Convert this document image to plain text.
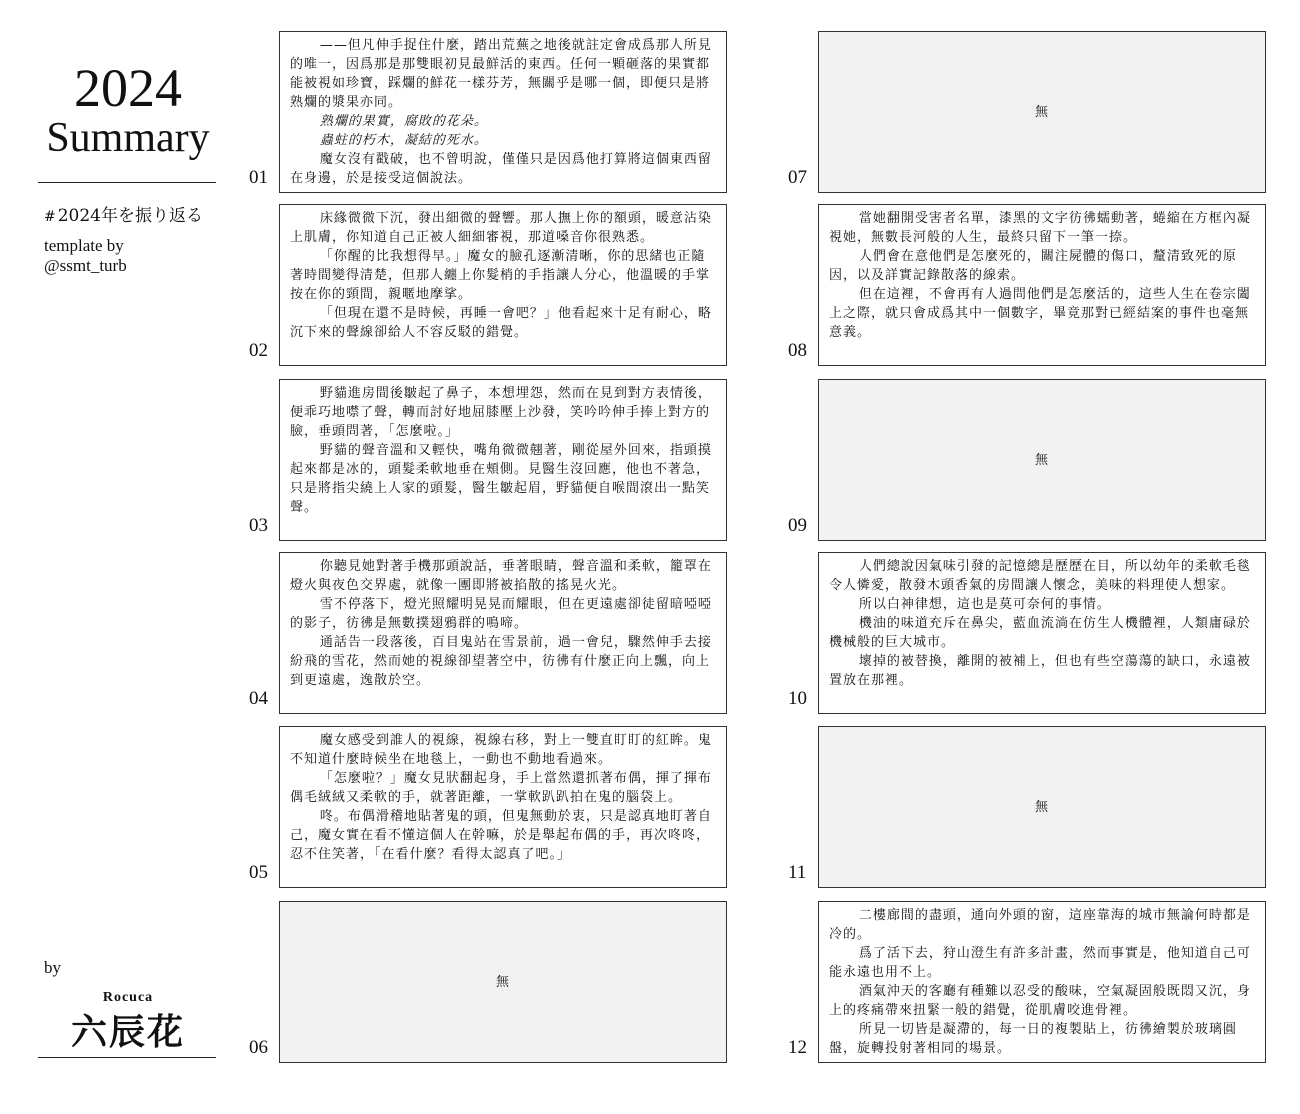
2024
Summary
# 2024年を振り返る
template by
@ssmt_turb
by
Rocuca
六辰花
01

——但凡伸手捉住什麼，踏出荒蕪之地後就註定會成爲那人所見的唯一，因爲那是那雙眼初見最鮮活的東西。任何一顆砸落的果實都能被視如珍寶，踩爛的鮮花一樣芬芳，無關乎是哪一個，即便只是將熟爛的漿果亦同。

熟爛的果實，腐敗的花朵。

蟲蛀的朽木，凝結的死水。

魔女沒有戳破，也不曾明說，僅僅只是因爲他打算將這個東西留在身邊，於是接受這個說法。

02

床緣微微下沉，發出細微的聲響。那人撫上你的額頭，暖意沾染上肌膚，你知道自己正被人細細審視，那道嗓音你很熟悉。

「你醒的比我想得早。」魔女的臉孔逐漸清晰，你的思緒也正隨著時間變得清楚，但那人纏上你髮梢的手指讓人分心，他溫暖的手掌按在你的頸間，親暱地摩挲。

「但現在還不是時候，再睡一會吧？」他看起來十足有耐心，略沉下來的聲線卻給人不容反駁的錯覺。

03

野貓進房間後皺起了鼻子，本想埋怨，然而在見到對方表情後，便乖巧地噤了聲，轉而討好地屈膝壓上沙發，笑吟吟伸手捧上對方的臉，垂頭問著，「怎麼啦。」

野貓的聲音溫和又輕快，嘴角微微翹著，剛從屋外回來，指頭摸起來都是冰的，頭髮柔軟地垂在頰側。見醫生沒回應，他也不著急，只是將指尖繞上人家的頭髮，醫生皺起眉，野貓便自喉間滾出一點笑聲。

04

你聽見她對著手機那頭說話，垂著眼睛，聲音溫和柔軟，籠罩在燈火與夜色交界處，就像一團即將被掐散的搖晃火光。

雪不停落下，燈光照耀明晃晃而耀眼，但在更遠處卻徒留暗啞啞的影子，彷彿是無數撲翅鴉群的鳴啼。

通話告一段落後，百目鬼站在雪景前，過一會兒，驟然伸手去接紛飛的雪花，然而她的視線卻望著空中，彷彿有什麼正向上飄，向上到更遠處，逸散於空。

05

魔女感受到誰人的視線，視線右移，對上一雙直盯盯的紅眸。鬼不知道什麼時候坐在地毯上，一動也不動地看過來。

「怎麼啦？」魔女見狀翻起身，手上當然還抓著布偶，揮了揮布偶毛絨絨又柔軟的手，就著距離，一掌軟趴趴拍在鬼的腦袋上。

咚。布偶滑稽地貼著鬼的頭，但鬼無動於衷，只是認真地盯著自己，魔女實在看不懂這個人在幹嘛，於是舉起布偶的手，再次咚咚，忍不住笑著，「在看什麼？看得太認真了吧。」

06
無
07
無
08

當她翻開受害者名單，漆黑的文字彷彿蠕動著，蜷縮在方框內凝視她，無數長河般的人生，最終只留下一筆一捺。

人們會在意他們是怎麼死的，關注屍體的傷口，釐清致死的原因，以及詳實記錄散落的線索。

但在這裡，不會再有人過問他們是怎麼活的，這些人生在卷宗闔上之際，就只會成爲其中一個數字，畢竟那對已經結案的事件也毫無意義。

09
無
10

人們總說因氣味引發的記憶總是歷歷在目，所以幼年的柔軟毛毯令人憐愛，散發木頭香氣的房間讓人懷念，美味的料理使人想家。

所以白神律想，這也是莫可奈何的事情。

機油的味道充斥在鼻尖，藍血流淌在仿生人機體裡，人類庸碌於機械般的巨大城市。

壞掉的被替換，離開的被補上，但也有些空蕩蕩的缺口，永遠被置放在那裡。

11
無
12

二樓廊間的盡頭，通向外頭的窗，這座靠海的城市無論何時都是冷的。

爲了活下去，狩山澄生有許多計畫，然而事實是，他知道自己可能永遠也用不上。

酒氣沖天的客廳有種難以忍受的酸味，空氣凝固般既悶又沉，身上的疼痛帶來扭緊一般的錯覺，從肌膚咬進骨裡。

所見一切皆是凝滯的，每一日的複製貼上，彷彿繪製於玻璃圓盤，旋轉投射著相同的場景。
